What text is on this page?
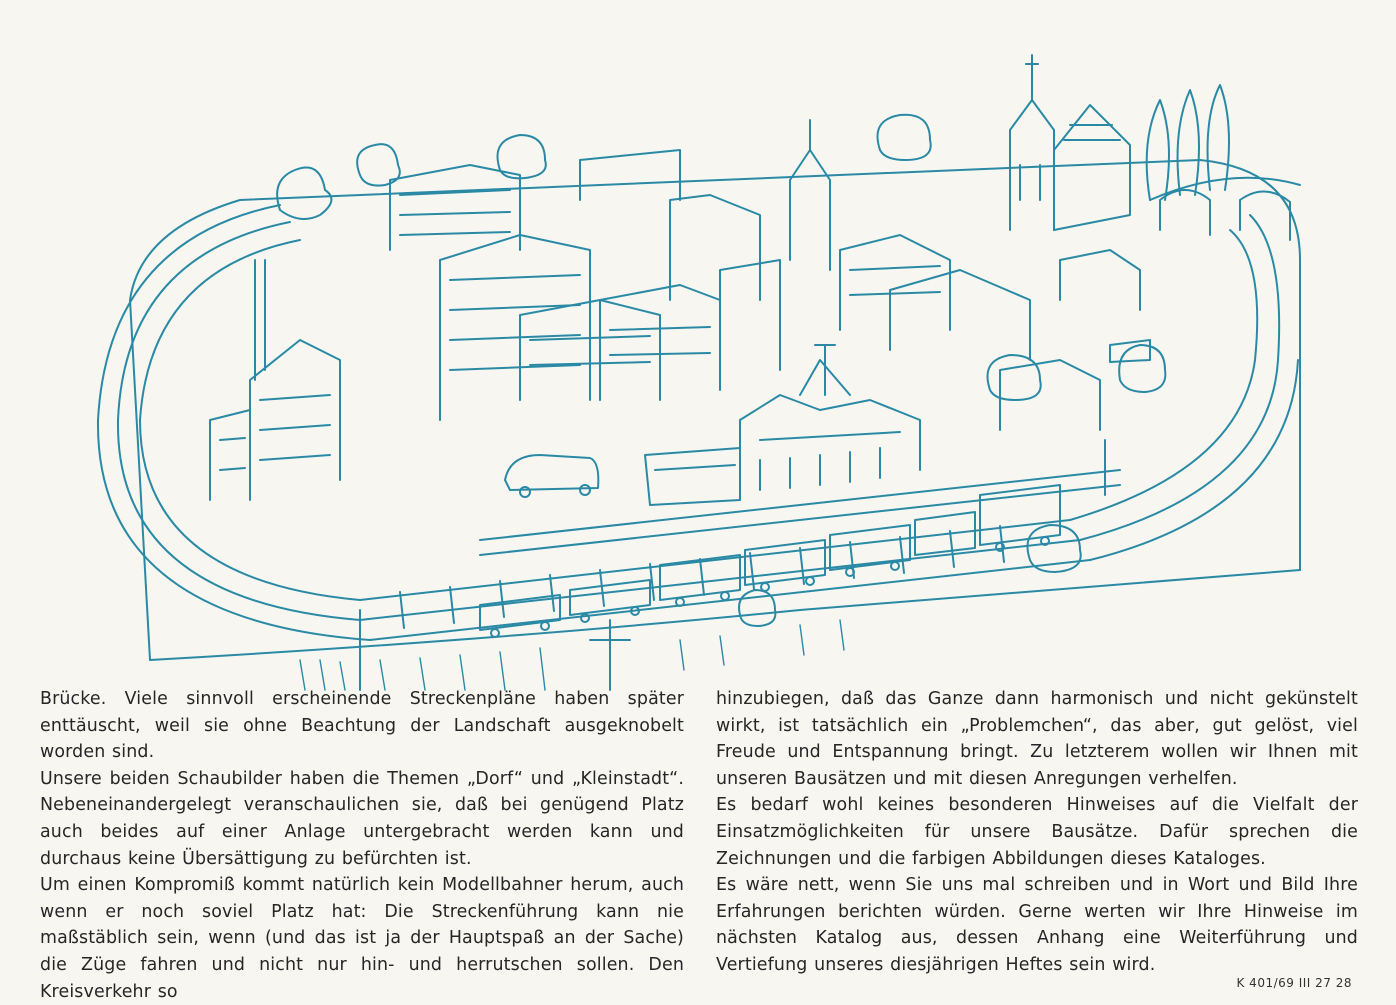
Brücke. Viele sinnvoll erscheinende Streckenpläne haben später enttäuscht, weil sie ohne Beachtung der Landschaft ausgeknobelt worden sind.

Unsere beiden Schaubilder haben die Themen „Dorf“ und „Kleinstadt“. Nebeneinandergelegt veranschaulichen sie, daß bei genügend Platz auch beides auf einer Anlage untergebracht werden kann und durchaus keine Übersättigung zu befürchten ist.

Um einen Kompromiß kommt natürlich kein Modellbahner herum, auch wenn er noch soviel Platz hat: Die Streckenführung kann nie maßstäblich sein, wenn (und das ist ja der Hauptspaß an der Sache) die Züge fahren und nicht nur hin- und herrutschen sollen. Den Kreisverkehr so

hinzubiegen, daß das Ganze dann harmonisch und nicht gekünstelt wirkt, ist tatsächlich ein „Problemchen“, das aber, gut gelöst, viel Freude und Entspannung bringt. Zu letzterem wollen wir Ihnen mit unseren Bausätzen und mit diesen Anregungen verhelfen.

Es bedarf wohl keines besonderen Hinweises auf die Vielfalt der Einsatzmöglichkeiten für unsere Bausätze. Dafür sprechen die Zeichnungen und die farbigen Abbildungen dieses Kataloges.

Es wäre nett, wenn Sie uns mal schreiben und in Wort und Bild Ihre Erfahrungen berichten würden. Gerne werten wir Ihre Hinweise im nächsten Katalog aus, dessen Anhang eine Weiterführung und Vertiefung unseres diesjährigen Heftes sein wird.

K 401/69 III 27 28
